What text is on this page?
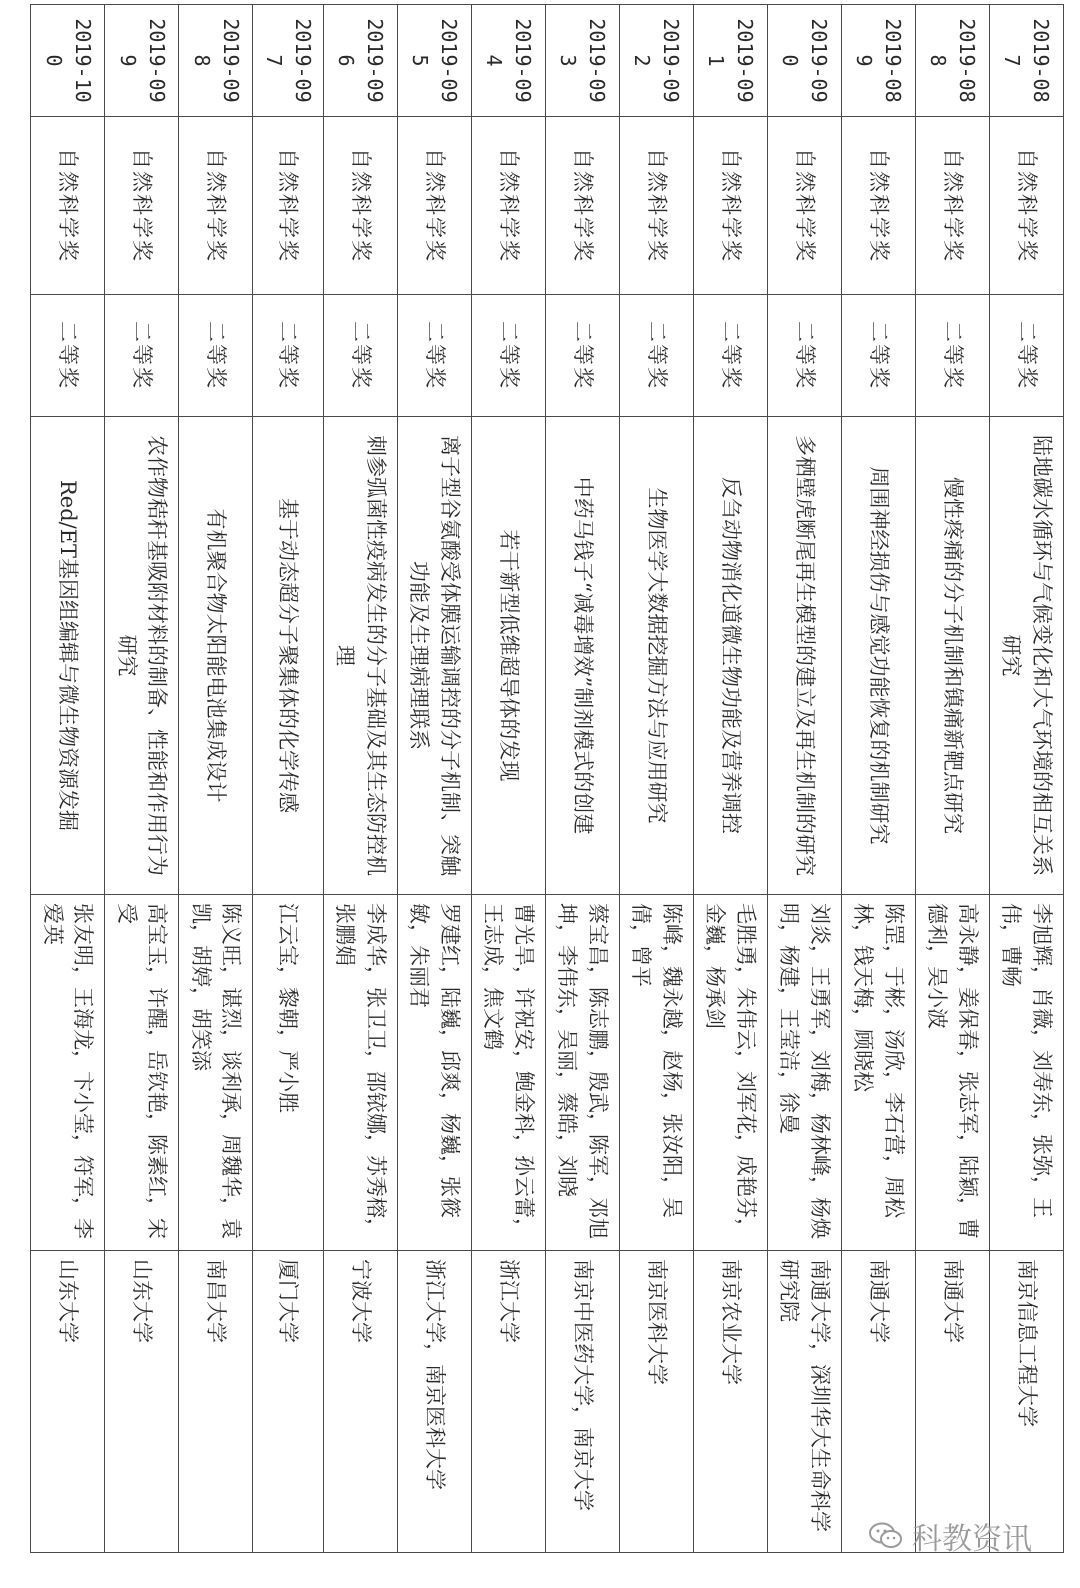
2019-087	自然科学奖	二等奖	陆地碳水循环与气候变化和大气环境的相互关系研究	李旭辉，肖薇，刘寿东，张弥，王伟，曹畅	南京信息工程大学
2019-088	自然科学奖	二等奖	慢性疼痛的分子机制和镇痛新靶点研究	高永静，姜保春，张志军，陆颖，曹德利，吴小波	南通大学
2019-089	自然科学奖	二等奖	周围神经损伤与感觉功能恢复的机制研究	陈罡，于彬，汤欣，李石营，周松林，钱天梅，顾晓松	南通大学
2019-090	自然科学奖	二等奖	多栖壁虎断尾再生模型的建立及再生机制的研究	刘炎，王勇军，刘梅，杨林峰，杨焕明，杨建，王莹洁，徐曼	南通大学，深圳华大生命科学研究院
2019-091	自然科学奖	二等奖	反刍动物消化道微生物功能及营养调控	毛胜勇，朱伟云，刘军花，成艳芬，金巍，杨承剑	南京农业大学
2019-092	自然科学奖	二等奖	生物医学大数据挖掘方法与应用研究	陈峰，魏永越，赵杨，张汝阳，吴倩，曾平	南京医科大学
2019-093	自然科学奖	二等奖	中药马钱子“减毒增效”制剂模式的创建	蔡宝昌，陈志鹏，殷武，陈军，邓旭坤，李伟东，吴丽，蔡皓，刘晓	南京中医药大学，南京大学
2019-094	自然科学奖	二等奖	若干新型低维超导体的发现	曹光旱，许祝安，鲍金科，孙云蕾，王志成，焦文鹤	浙江大学
2019-095	自然科学奖	二等奖	离子型谷氨酸受体膜运输调控的分子机制、突触功能及生理病理联系	罗建红，陆巍，邱爽，杨巍，张筱敏，朱丽君	浙江大学，南京医科大学
2019-096	自然科学奖	二等奖	刺参弧菌性疫病发生的分子基础及其生态防控机理	李成华，张卫卫，邵铱娜，苏秀榕，张鹏娟	宁波大学
2019-097	自然科学奖	二等奖	基于动态超分子聚集体的化学传感	江云宝，黎朝，严小胜	厦门大学
2019-098	自然科学奖	二等奖	有机聚合物太阳能电池集成设计	陈义旺，谌烈，谈利承，周魏华，袁凯，胡婷，胡笑添	南昌大学
2019-099	自然科学奖	二等奖	农作物秸秆基吸附材料的制备、性能和作用行为研究	高宝玉，许醒，岳钦艳，陈素红，宋受	山东大学
2019-100	自然科学奖	二等奖	Red/ET基因组编辑与微生物资源发掘	张友明，王海龙，卞小莹，符军，李爱英	山东大学
科教资讯
